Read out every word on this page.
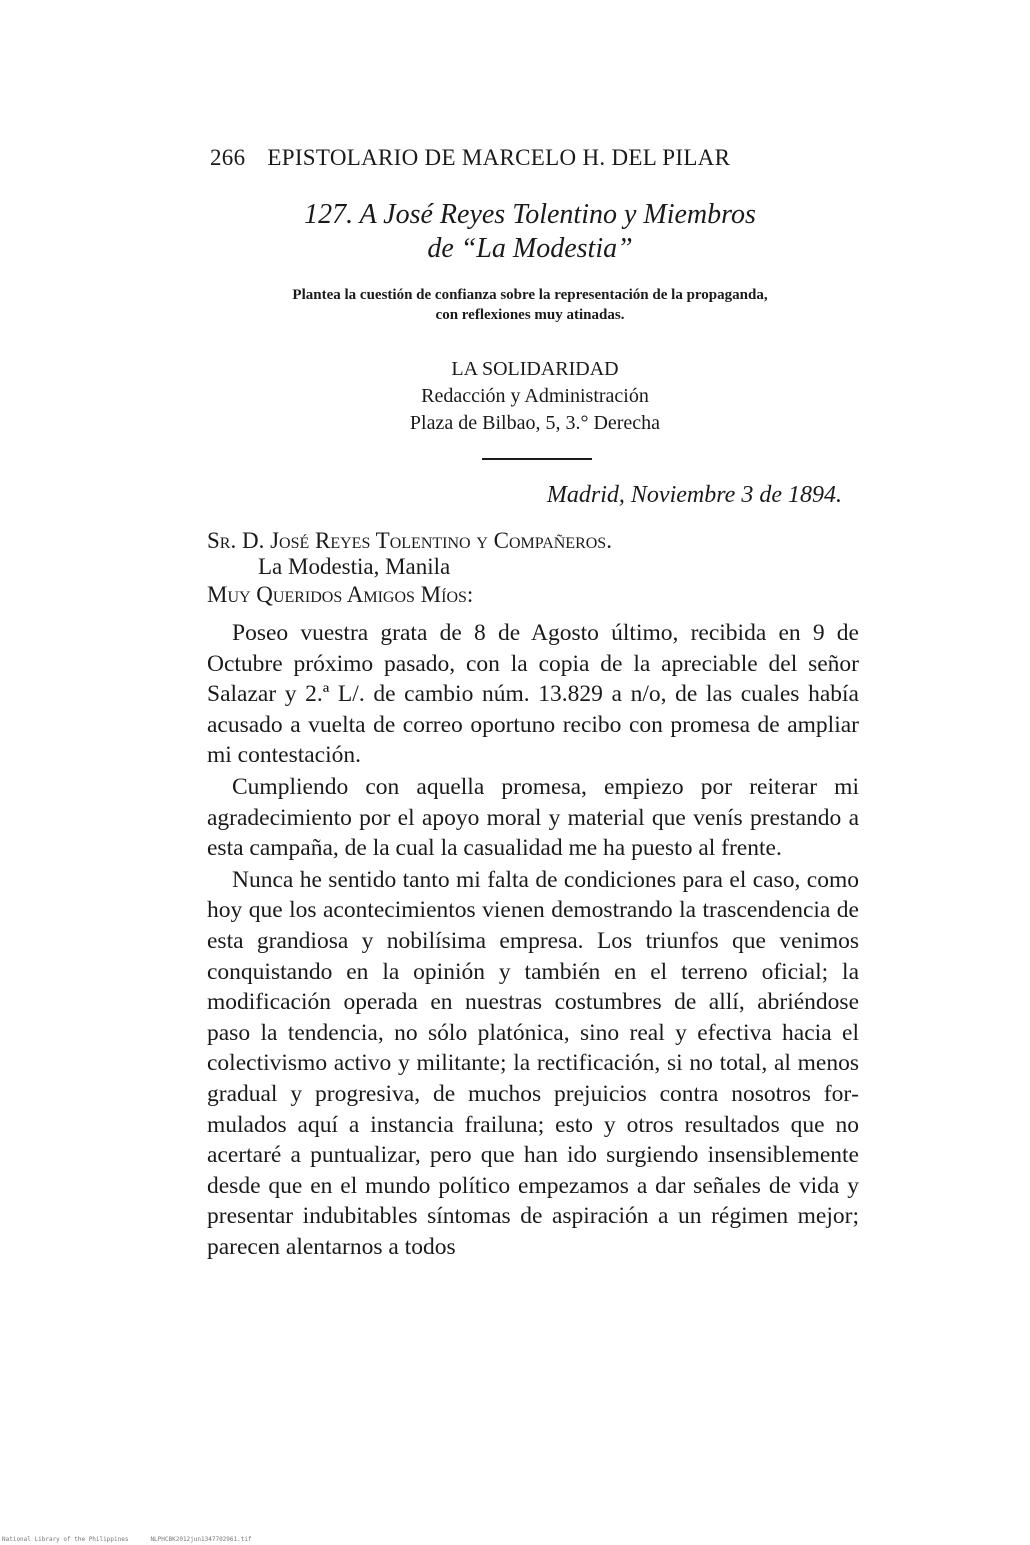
266 EPISTOLARIO DE MARCELO H. DEL PILAR
127. A José Reyes Tolentino y Miembros
de “La Modestia”
Plantea la cuestión de confianza sobre la representación de la propaganda,
con reflexiones muy atinadas.
LA SOLIDARIDAD
Redacción y Administración
Plaza de Bilbao, 5, 3.° Derecha
Madrid, Noviembre 3 de 1894.
Sr. D. José Reyes Tolentino y Compañeros.
La Modestia, Manila
Muy Queridos Amigos Míos:

Poseo vuestra grata de 8 de Agosto último, recibida en 9 de Octubre próximo pasado, con la copia de la apreciable del señor Salazar y 2.ª L/. de cambio núm. 13.829 a n/o, de las cuales había acusado a vuelta de correo oportuno recibo con promesa de ampliar mi contestación.

Cumpliendo con aquella promesa, empiezo por reiterar mi agradecimiento por el apoyo moral y material que venís prestando a esta campaña, de la cual la casualidad me ha puesto al frente.

Nunca he sentido tanto mi falta de condiciones para el caso, como hoy que los acontecimientos vienen demostrando la trascendencia de esta grandiosa y nobilísima empresa. Los triunfos que venimos conquistando en la opinión y también en el terreno oficial; la modificación operada en nuestras costumbres de allí, abriéndose paso la tendencia, no sólo platónica, sino real y efectiva hacia el colectivismo activo y militante; la rectificación, si no total, al menos gradual y progresiva, de muchos prejuicios contra nosotros formulados aquí a instancia frailuna; esto y otros resultados que no acertaré a puntualizar, pero que han ido surgiendo insensiblemente desde que en el mundo político empezamos a dar señales de vida y presentar indubitables síntomas de aspiración a un régimen mejor; parecen alentarnos a todos

National Library of the Philippines	NLPHCBK2012jun1347702961.tif
